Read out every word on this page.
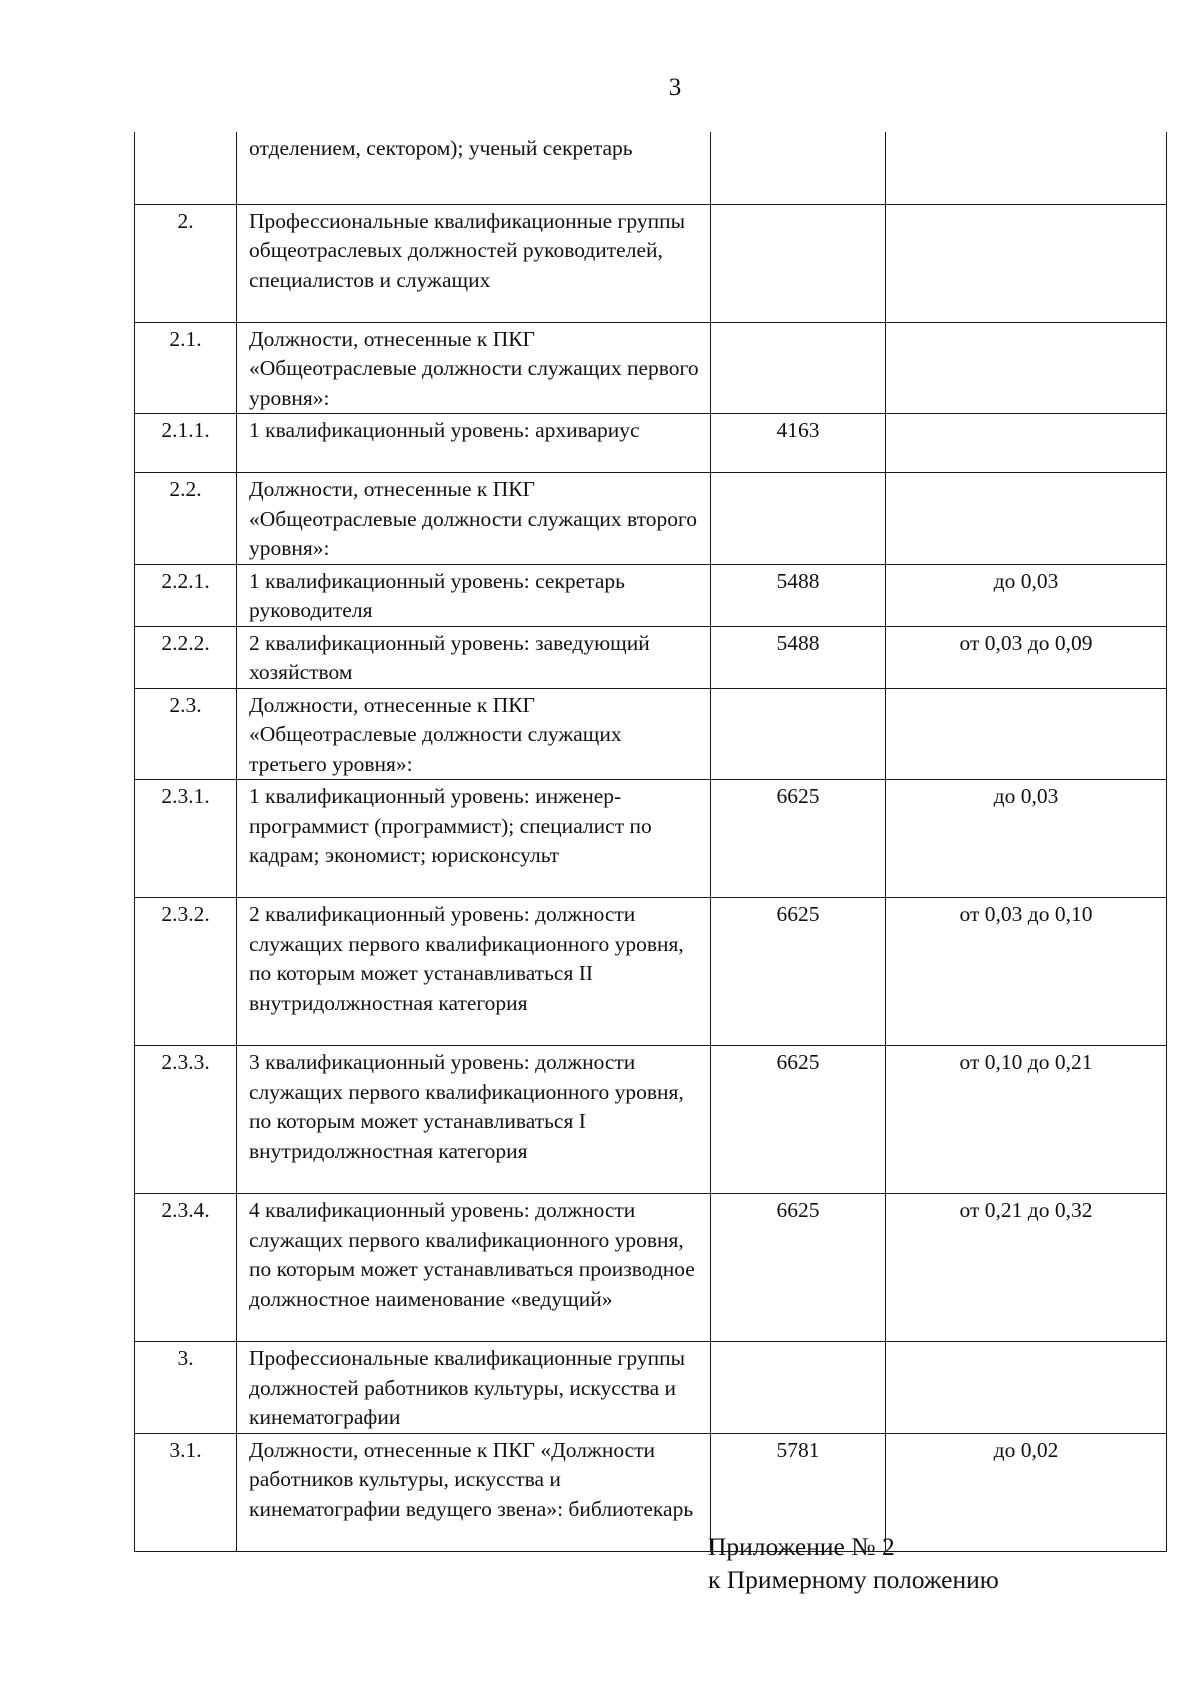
3
	отделением, сектором); ученый секретарь		
2.	Профессиональные квалификационные группы общеотраслевых должностей руководителей, специалистов и служащих		
2.1.	Должности, отнесенные к ПКГ «Общеотраслевые должности служащих первого уровня»:		
2.1.1.	1 квалификационный уровень: архивариус	4163	
2.2.	Должности, отнесенные к ПКГ «Общеотраслевые должности служащих второго уровня»:		
2.2.1.	1 квалификационный уровень: секретарь руководителя	5488	до 0,03
2.2.2.	2 квалификационный уровень: заведующий хозяйством	5488	от 0,03 до 0,09
2.3.	Должности, отнесенные к ПКГ «Общеотраслевые должности служащих третьего уровня»:		
2.3.1.	1 квалификационный уровень: инженер-программист (программист); специалист по кадрам; экономист; юрисконсульт	6625	до 0,03
2.3.2.	2 квалификационный уровень: должности служащих первого квалификационного уровня, по которым может устанавливаться II внутридолжностная категория	6625	от 0,03 до 0,10
2.3.3.	3 квалификационный уровень: должности служащих первого квалификационного уровня, по которым может устанавливаться I внутридолжностная категория	6625	от 0,10 до 0,21
2.3.4.	4 квалификационный уровень: должности служащих первого квалификационного уровня, по которым может устанавливаться производное должностное наименование «ведущий»	6625	от 0,21 до 0,32
3.	Профессиональные квалификационные группы должностей работников культуры, искусства и кинематографии		
3.1.	Должности, отнесенные к ПКГ «Должности работников культуры, искусства и кинематографии ведущего звена»: библиотекарь	5781	до 0,02
Приложение № 2
к Примерному положению
